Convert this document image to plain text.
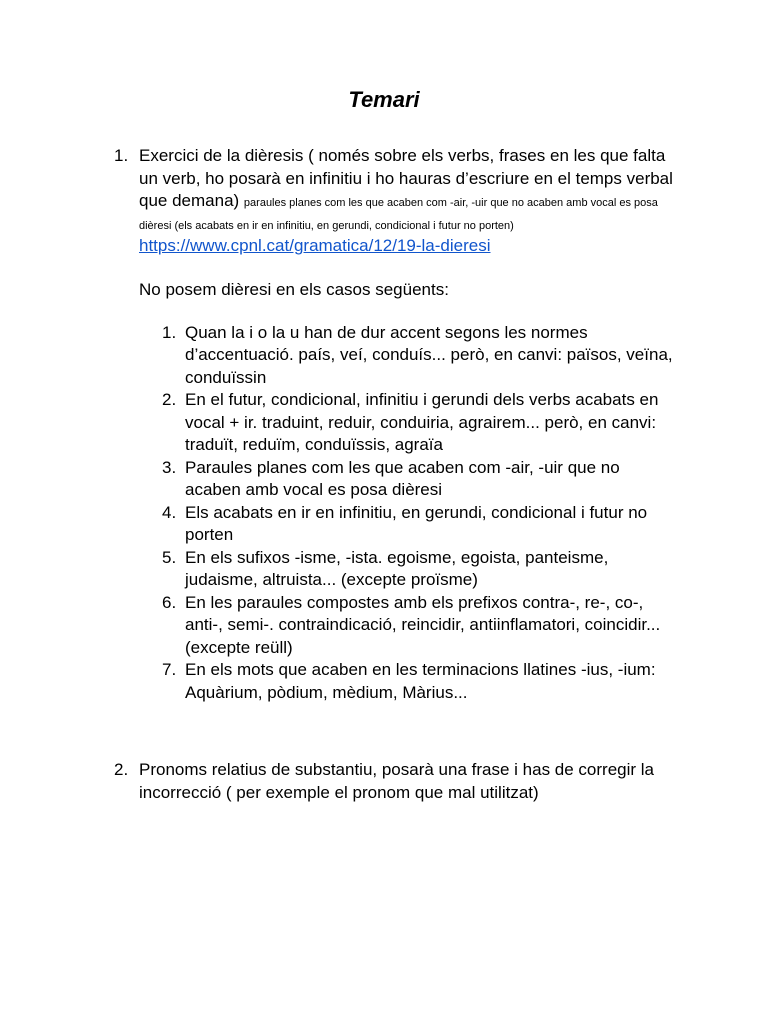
Temari
1. Exercici de la dièresis ( només sobre els verbs, frases en les que falta un verb, ho posarà en infinitiu i ho hauras d’escriure en el temps verbal que demana) paraules planes com les que acaben com -air, -uir que no acaben amb vocal es posa dièresi (els acabats en ir en infinitiu, en gerundi, condicional i futur no porten)
https://www.cpnl.cat/gramatica/12/19-la-dieresi
No posem dièresi en els casos següents:
1. Quan la i o la u han de dur accent segons les normes d’accentuació. país, veí, conduís... però, en canvi: països, veïna, conduïssin
2. En el futur, condicional, infinitiu i gerundi dels verbs acabats en vocal + ir. traduint, reduir, conduiria, agrairem... però, en canvi: traduït, reduïm, conduïssis, agraïa
3. Paraules planes com les que acaben com -air, -uir que no acaben amb vocal es posa dièresi
4. Els acabats en ir en infinitiu, en gerundi, condicional i futur no porten
5. En els sufixos -isme, -ista. egoisme, egoista, panteisme, judaisme, altruista... (excepte proïsme)
6. En les paraules compostes amb els prefixos contra-, re-, co-, anti-, semi-. contraindicació, reincidir, antiinflamatori, coincidir... (excepte reüll)
7. En els mots que acaben en les terminacions llatines -ius, -ium: Aquàrium, pòdium, mèdium, Màrius...
2. Pronoms relatius de substantiu, posarà una frase i has de corregir la incorrecció ( per exemple el pronom que mal utilitzat)
